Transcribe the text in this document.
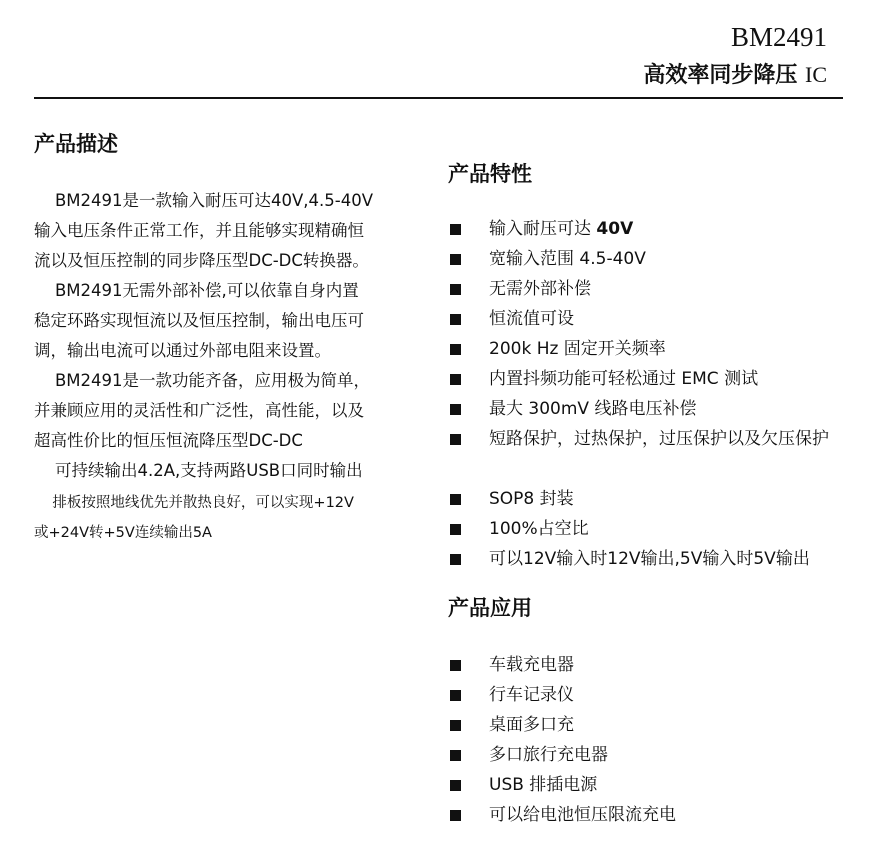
BM2491
高效率同步降压 IC
产品描述

BM2491是一款输入耐压可达40V,4.5-40V

输入电压条件正常工作，并且能够实现精确恒

流以及恒压控制的同步降压型DC-DC转换器。

BM2491无需外部补偿,可以依靠自身内置

稳定环路实现恒流以及恒压控制，输出电压可

调，输出电流可以通过外部电阻来设置。

BM2491是一款功能齐备，应用极为简单，

并兼顾应用的灵活性和广泛性，高性能，以及

超高性价比的恒压恒流降压型DC-DC

可持续输出4.2A,支持两路USB口同时输出

排板按照地线优先并散热良好，可以实现+12V

或+24V转+5V连续输出5A

产品特性
输入耐压可达 40V
宽输入范围 4.5-40V
无需外部补偿
恒流值可设
200k Hz 固定开关频率
内置抖频功能可轻松通过 EMC 测试
最大 300mV 线路电压补偿
短路保护，过热保护，过压保护以及欠压保护
SOP8 封装
100%占空比
可以12V输入时12V输出,5V输入时5V输出
产品应用
车载充电器
行车记录仪
桌面多口充
多口旅行充电器
USB 排插电源
可以给电池恒压限流充电
